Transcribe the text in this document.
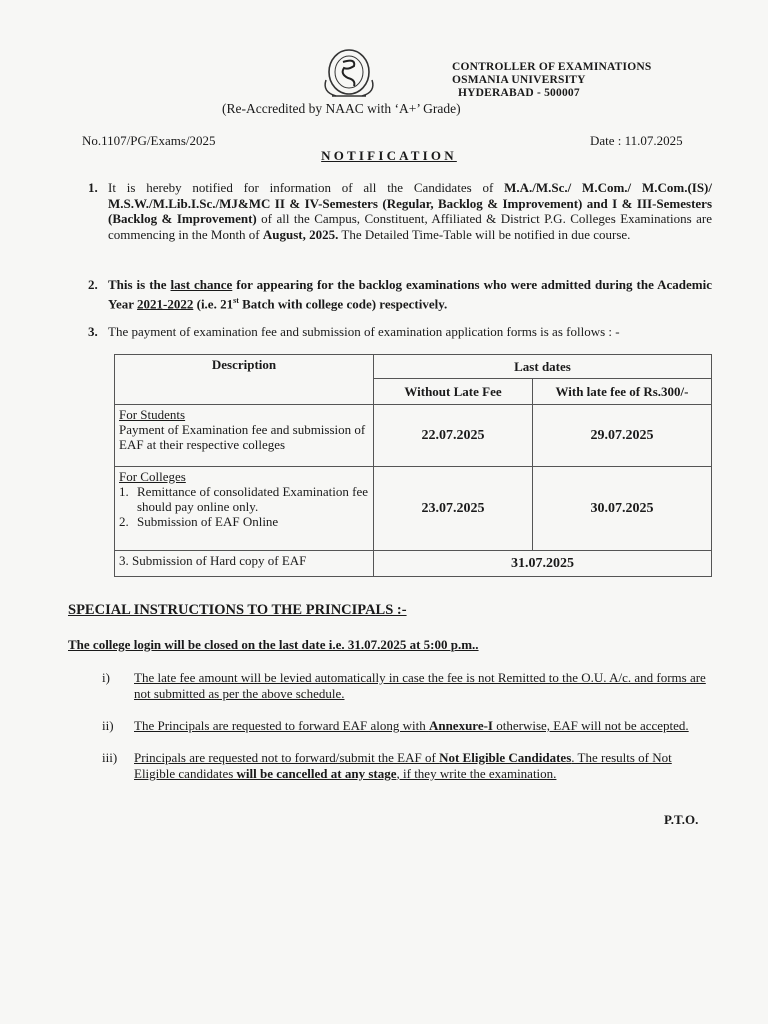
CONTROLLER OF EXAMINATIONS
OSMANIA UNIVERSITY
HYDERABAD - 500007
(Re-Accredited by NAAC with ‘A+’ Grade)
No.1107/PG/Exams/2025	Date : 11.07.2025
NOTIFICATION
1. It is hereby notified for information of all the Candidates of M.A./M.Sc./ M.Com./ M.Com.(IS)/ M.S.W./M.Lib.I.Sc./MJ&MC II & IV-Semesters (Regular, Backlog & Improvement) and I & III-Semesters (Backlog & Improvement) of all the Campus, Constituent, Affiliated & District P.G. Colleges Examinations are commencing in the Month of August, 2025. The Detailed Time-Table will be notified in due course.
2. This is the last chance for appearing for the backlog examinations who were admitted during the Academic Year 2021-2022 (i.e. 21st Batch with college code) respectively.
3. The payment of examination fee and submission of examination application forms is as follows : -
Description	Last dates	
	Without Late Fee	With late fee of Rs.300/-

For Students
Payment of Examination fee and submission of EAF at their respective colleges	22.07.2025	29.07.2025

For Colleges
1. Remittance of consolidated Examination fee should pay online only.
2. Submission of EAF Online	23.07.2025	30.07.2025
3. Submission of Hard copy of EAF	31.07.2025	
SPECIAL INSTRUCTIONS TO THE PRINCIPALS :-
The college login will be closed on the last date i.e. 31.07.2025 at 5:00 p.m..
i) The late fee amount will be levied automatically in case the fee is not Remitted to the O.U. A/c. and forms are not submitted as per the above schedule.
ii) The Principals are requested to forward EAF along with Annexure-I otherwise, EAF will not be accepted.
iii) Principals are requested not to forward/submit the EAF of Not Eligible Candidates. The results of Not Eligible candidates will be cancelled at any stage, if they write the examination.
P.T.O.
